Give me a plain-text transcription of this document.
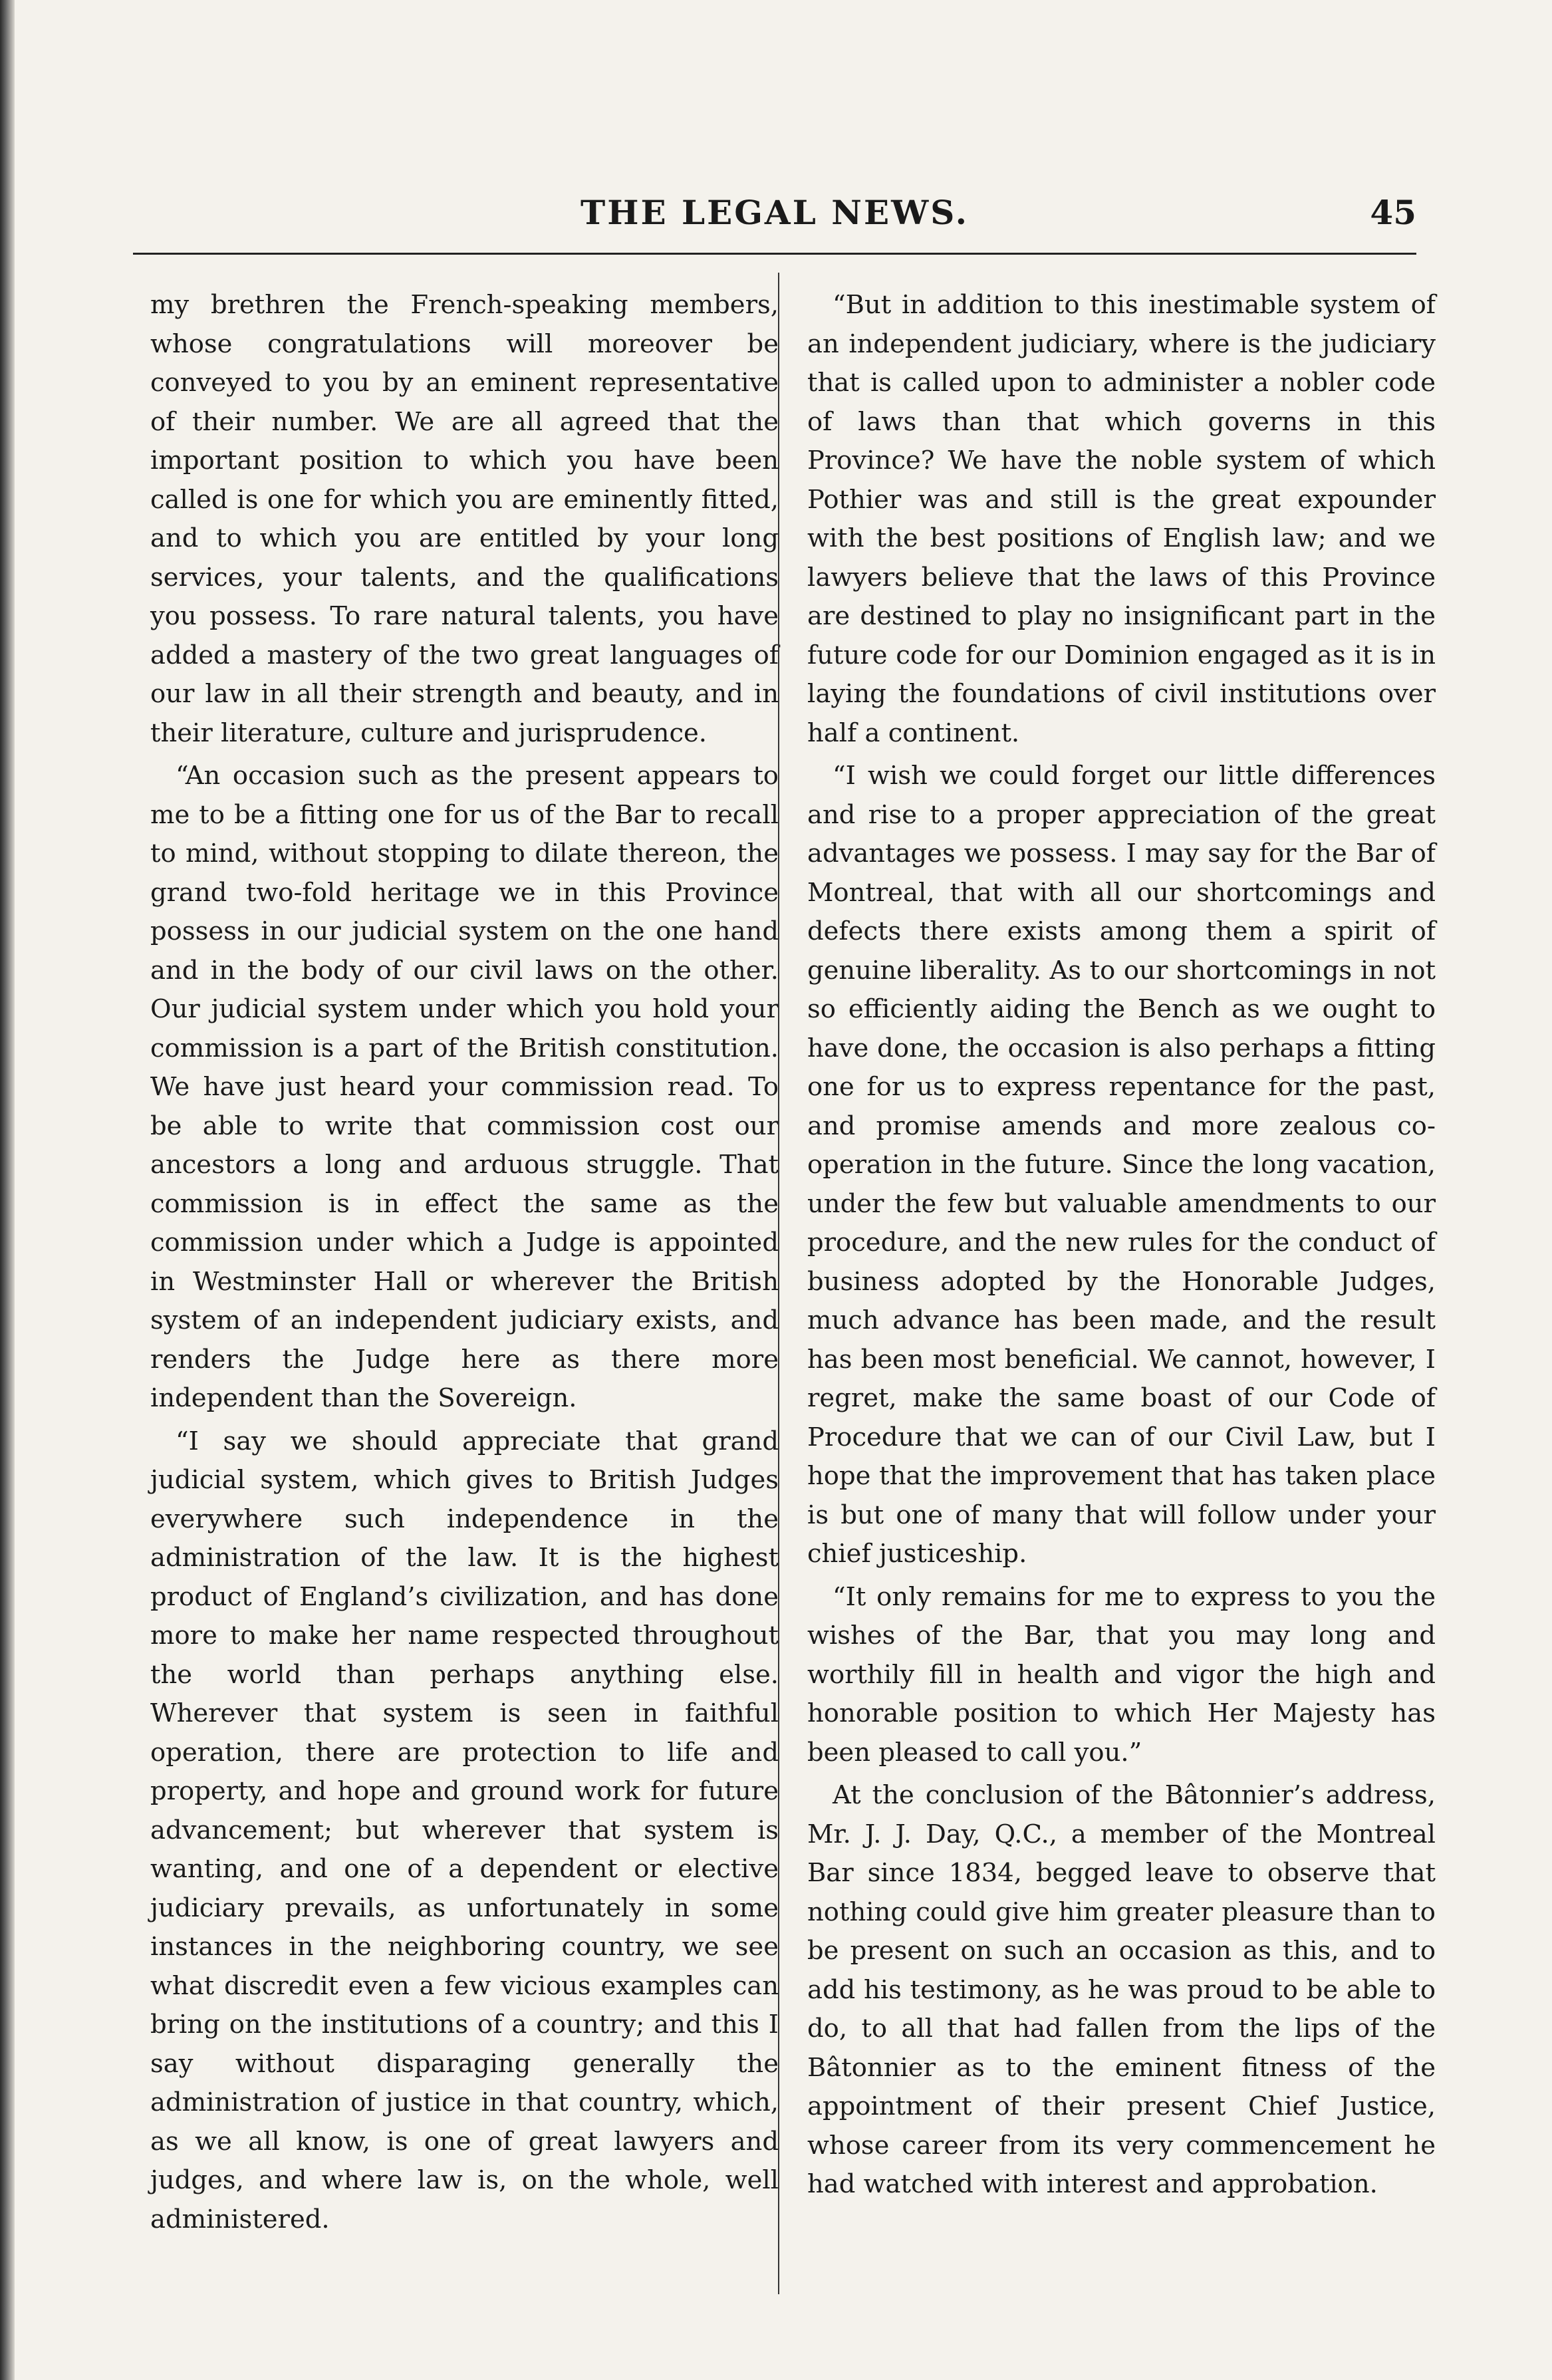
THE LEGAL NEWS.	45

my brethren the French-speaking members, whose congratulations will moreover be conveyed to you by an eminent representative of their number. We are all agreed that the important position to which you have been called is one for which you are eminently fitted, and to which you are entitled by your long services, your talents, and the qualifications you possess. To rare natural talents, you have added a mastery of the two great languages of our law in all their strength and beauty, and in their literature, culture and jurisprudence.

“An occasion such as the present appears to me to be a fitting one for us of the Bar to recall to mind, without stopping to dilate thereon, the grand two-fold heritage we in this Province possess in our judicial system on the one hand and in the body of our civil laws on the other. Our judicial system under which you hold your commission is a part of the British constitution. We have just heard your commission read. To be able to write that commission cost our ancestors a long and arduous struggle. That commission is in effect the same as the commission under which a Judge is appointed in Westminster Hall or wherever the British system of an independent judiciary exists, and renders the Judge here as there more independent than the Sovereign.

“I say we should appreciate that grand judicial system, which gives to British Judges everywhere such independence in the administration of the law. It is the highest product of England’s civilization, and has done more to make her name respected throughout the world than perhaps anything else. Wherever that system is seen in faithful operation, there are protection to life and property, and hope and ground work for future advancement; but wherever that system is wanting, and one of a dependent or elective judiciary prevails, as unfortunately in some instances in the neighboring country, we see what discredit even a few vicious examples can bring on the institutions of a country; and this I say without disparaging generally the administration of justice in that country, which, as we all know, is one of great lawyers and judges, and where law is, on the whole, well administered.

“But in addition to this inestimable system of an independent judiciary, where is the judiciary that is called upon to administer a nobler code of laws than that which governs in this Province? We have the noble system of which Pothier was and still is the great expounder with the best positions of English law; and we lawyers believe that the laws of this Province are destined to play no insignificant part in the future code for our Dominion engaged as it is in laying the foundations of civil institutions over half a continent.

“I wish we could forget our little differences and rise to a proper appreciation of the great advantages we possess. I may say for the Bar of Montreal, that with all our shortcomings and defects there exists among them a spirit of genuine liberality. As to our shortcomings in not so efficiently aiding the Bench as we ought to have done, the occasion is also perhaps a fitting one for us to express repentance for the past, and promise amends and more zealous co-operation in the future. Since the long vacation, under the few but valuable amendments to our procedure, and the new rules for the conduct of business adopted by the Honorable Judges, much advance has been made, and the result has been most beneficial. We cannot, however, I regret, make the same boast of our Code of Procedure that we can of our Civil Law, but I hope that the improvement that has taken place is but one of many that will follow under your chief justiceship.

“It only remains for me to express to you the wishes of the Bar, that you may long and worthily fill in health and vigor the high and honorable position to which Her Majesty has been pleased to call you.”

At the conclusion of the Bâtonnier’s address, Mr. J. J. Day, Q.C., a member of the Montreal Bar since 1834, begged leave to observe that nothing could give him greater pleasure than to be present on such an occasion as this, and to add his testimony, as he was proud to be able to do, to all that had fallen from the lips of the Bâtonnier as to the eminent fitness of the appointment of their present Chief Justice, whose career from its very commencement he had watched with interest and approbation.
